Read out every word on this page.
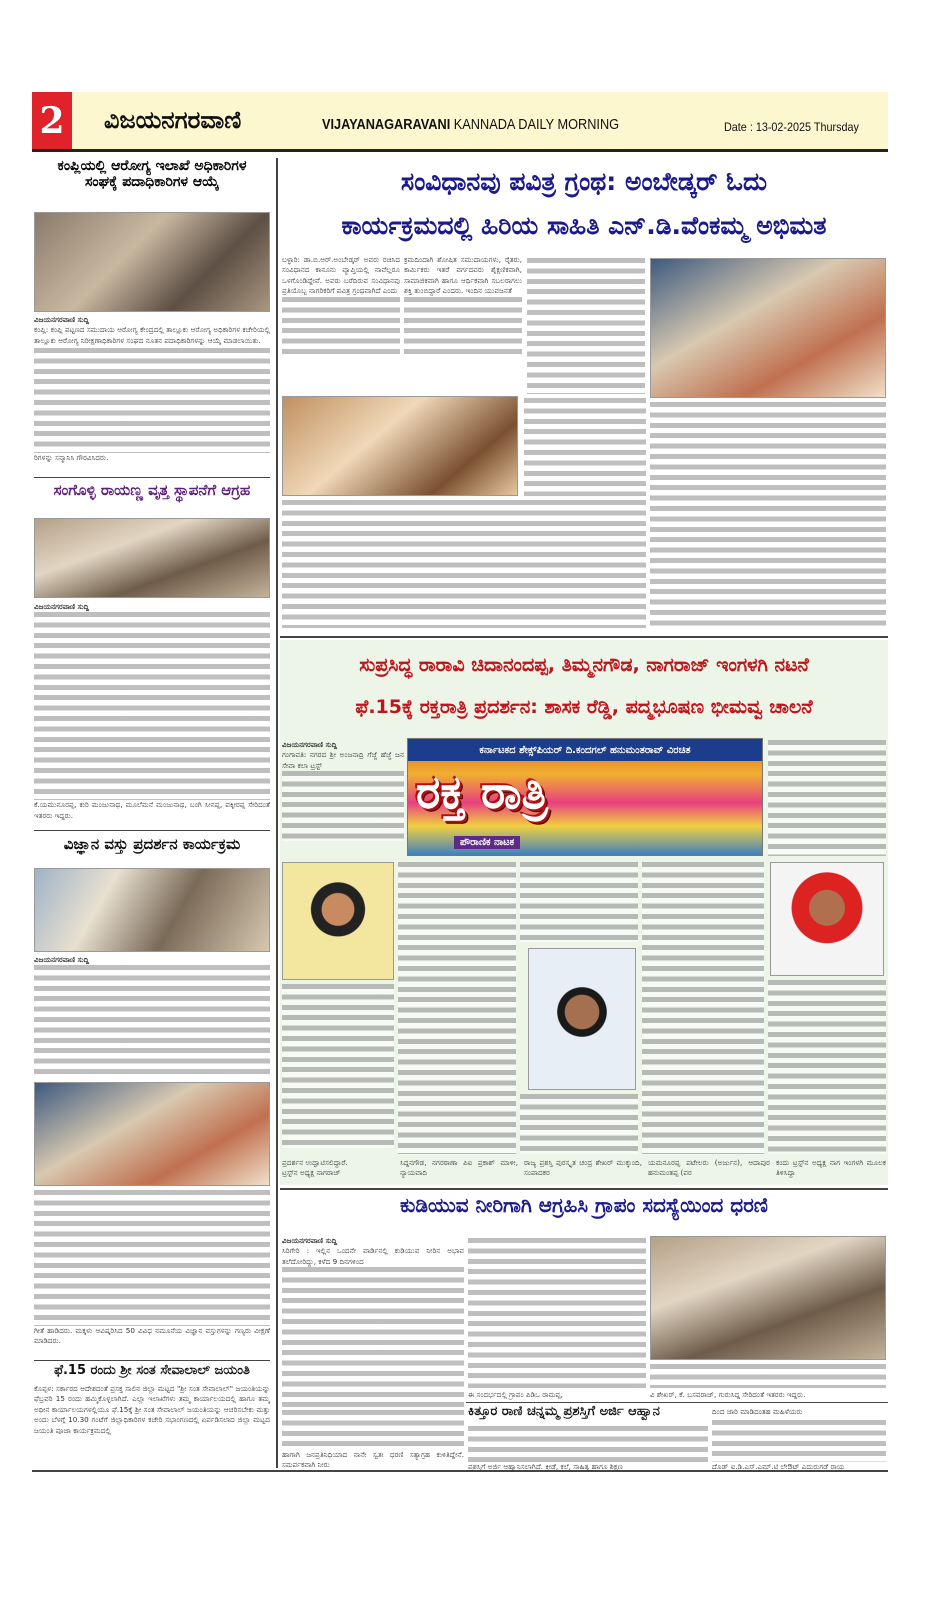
2	ವಿಜಯನಗರವಾಣಿ	VIJAYANAGARAVANI KANNADA DAILY MORNING	Date : 13-02-2025 Thursday
ಕಂಪ್ಲಿಯಲ್ಲಿ ಆರೋಗ್ಯ ಇಲಾಖೆ ಅಧಿಕಾರಿಗಳ
ಸಂಘಕ್ಕೆ ಪದಾಧಿಕಾರಿಗಳ ಆಯ್ಕೆ
ವಿಜಯನಗರವಾಣಿ ಸುದ್ದಿ
ಕಂಪ್ಲಿ: ಕಂಪ್ಲಿ ಪಟ್ಟಣದ ಸಮುದಾಯ ಆರೋಗ್ಯ ಕೇಂದ್ರದಲ್ಲಿ ತಾಲ್ಲೂಕು ಆರೋಗ್ಯ ಅಧಿಕಾರಿಗಳ ಕಚೇರಿಯಲ್ಲಿ ತಾಲ್ಲೂಕು ಆರೋಗ್ಯ ನಿರೀಕ್ಷಣಾಧಿಕಾರಿಗಳ ಸಂಘದ ನೂತನ ಪದಾಧಿಕಾರಿಗಳನ್ನು ಆಯ್ಕೆ ಮಾಡಲಾಯಿತು.
ರಿಗಳನ್ನು ಸನ್ಮಾನಿಸಿ ಗೌರವಿಸಿದರು.
ಸಂಗೊಳ್ಳಿ ರಾಯಣ್ಣ ವೃತ್ತ ಸ್ಥಾಪನೆಗೆ ಆಗ್ರಹ
ವಿಜಯನಗರವಾಣಿ ಸುದ್ದಿ
ಕೆ.ಯಮುನೂರಪ್ಪ, ಕುರಿ ಮಂಜುನಾಥ, ಮೂಲೆಮನೆ ಮಂಜುನಾಥ, ಬಂಗಿ ಸೀನಪ್ಪ, ಪಕ್ಕೀರಪ್ಪ ಸೇರಿದಂತೆ ಇತರರು ಇದ್ದರು.
ವಿಜ್ಞಾನ ವಸ್ತು ಪ್ರದರ್ಶನ ಕಾರ್ಯಕ್ರಮ
ವಿಜಯನಗರವಾಣಿ ಸುದ್ದಿ
ಗೀತೆ ಹಾಡಿದರು. ಮಕ್ಕಳು ಆವಿಷ್ಕರಿಸಿದ 50 ವಿವಿಧ ನಮೂನೆಯ ವಿಜ್ಞಾನ ವಸ್ತುಗಳನ್ನು ಗಣ್ಯರು ವೀಕ್ಷಣೆ ಮಾಡಿದರು.
ಫೆ.15 ರಂದು ಶ್ರೀ ಸಂತ ಸೇವಾಲಾಲ್ ಜಯಂತಿ
ಕೊಪ್ಪಳ: ಸರ್ಕಾರದ ಆದೇಶದಂತೆ ಪ್ರಸಕ್ತ ಸಾಲಿನ ಜಿಲ್ಲಾ ಮಟ್ಟದ "ಶ್ರೀ ಸಂತ ಸೇವಾಲಾಲ್" ಜಯಂತಿಯನ್ನು ಫೆಬ್ರವರಿ 15 ರಂದು ಹಮ್ಮಿಕೊಳ್ಳಲಾಗಿದೆ. ಎಲ್ಲಾ ಇಲಾಖೆಗಳು ತಮ್ಮ ಕಾರ್ಯಾಲಯದಲ್ಲಿ ಹಾಗೂ ತಮ್ಮ ಅಧೀನ ಕಾರ್ಯಾಲಯಗಳಲ್ಲಿಯೂ ಫೆ.15ಕ್ಕೆ ಶ್ರೀ ಸಂತ ಸೇವಾಲಾಲ್ ಜಯಂತಿಯನ್ನು ಆಚರಿಸಬೇಕು ಮತ್ತು ಅಂದು ಬೆಳಗ್ಗೆ 10.30 ಗಂಟೆಗೆ ಜಿಲ್ಲಾಧಿಕಾರಿಗಳ ಕಚೇರಿ ಸಭಾಂಗಣದಲ್ಲಿ ಏರ್ಪಡಿಸಲಾದ ಜಿಲ್ಲಾ ಮಟ್ಟದ ಜಯಂತಿ ಪೂಜಾ ಕಾರ್ಯಕ್ರಮದಲ್ಲಿ
ಸಂವಿಧಾನವು ಪವಿತ್ರ ಗ್ರಂಥ: ಅಂಬೇಡ್ಕರ್ ಓದು
ಕಾರ್ಯಕ್ರಮದಲ್ಲಿ ಹಿರಿಯ ಸಾಹಿತಿ ಎನ್.ಡಿ.ವೆಂಕಮ್ಮ ಅಭಿಮತ
ಬಳ್ಳಾರಿ: ಡಾ.ಬಿ.ಆರ್.ಅಂಬೇಡ್ಕರ್ ಅವರು ರಚಿಸಿದ ಸಂವಿಧಾನದ ಕಾನೂನು ವ್ಯಾಪ್ತಿಯಲ್ಲಿ ನಾವೆಲ್ಲರೂ ಒಳಗೊಂಡಿದ್ದೇವೆ. ಅವರು ಬರೆದಿರುವ ಸಂವಿಧಾನವು ಪ್ರತಿಯೊಬ್ಬ ನಾಗರಿಕರಿಗೆ ಪವಿತ್ರ ಗ್ರಂಥವಾಗಿದೆ ಎಂದು
ಕ್ರಮದಿಂದಾಗಿ ಶೋಷಿತ ಸಮುದಾಯಗಳು, ರೈತರು, ಕಾರ್ಮಿಕರು ಇತರೆ ವರ್ಗದವರು ಶೈಕ್ಷಣಿಕವಾಗಿ, ಸಾಮಾಜಿಕವಾಗಿ ಹಾಗೂ ಆರ್ಥಿಕವಾಗಿ ಸಬಲರಾಗಲು ಶಕ್ತಿ ತುಂಬಿದ್ದಾರೆ ಎಂದರು. ಇಂದಿನ ಯುವಜನತೆ
ಸುಪ್ರಸಿದ್ಧ ರಾರಾವಿ ಚಿದಾನಂದಪ್ಪ, ತಿಮ್ಮನಗೌಡ, ನಾಗರಾಜ್ ಇಂಗಳಗಿ ನಟನೆ
ಫೆ.15ಕ್ಕೆ ರಕ್ತರಾತ್ರಿ ಪ್ರದರ್ಶನ: ಶಾಸಕ ರೆಡ್ಡಿ, ಪದ್ಮಭೂಷಣ ಭೀಮವ್ವ ಚಾಲನೆ
ವಿಜಯನಗರವಾಣಿ ಸುದ್ದಿ
ಗಂಗಾವತಿ: ನಗರದ ಶ್ರೀ ಅಂಜನಾದ್ರಿ ಗೆಜ್ಜೆ ಹೆಜ್ಜೆ ಜನ ಸೇವಾ ಕಲಾ ಟ್ರಸ್ಟ್
ಕರ್ನಾಟಕದ ಶೇಕ್ಸ್‌ಪಿಯರ್ ದಿ.ಕಂದಗಲ್ ಹನುಮಂತರಾವ್ ವಿರಚಿತ
ರಕ್ತ ರಾತ್ರಿ
ಪೌರಾಣಿಕ ನಾಟಕ
ಪ್ರದರ್ಶನ ಉದ್ಘಾಟಿಸಲಿದ್ದಾರೆ.
ಟ್ರಸ್ಟ್‌ನ ಅಧ್ಯಕ್ಷ ನಾಗರಾಜ್
ಸಿದ್ದನಗೌಡ, ನಗರಠಾಣಾ ಪಿಐ ಪ್ರಕಾಶ್ ಮಾಳೀ, ನ್ಯಾಯವಾದಿ
ರಾಜ್ಯ ಪ್ರಶಸ್ತಿ ಪುರಸ್ಕೃತ ಚಂದ್ರ ಶೇಖರ್ ಮುಕ್ಕುಂದಿ, ಸಂಪಾದಕರ
ಯಮನೂರಪ್ಪ ಪಟೇಲರು (ಅರ್ಜುನ), ಆದಾಪುರ ಹನುಮಂತಪ್ಪ (ಪರ
ಕಂದು ಟ್ರಸ್ಟ್‌ನ ಅಧ್ಯಕ್ಷ ನಾಗ ಇಂಗಳಗಿ ಮೂಲಕ ತಿಳಿಸಿದ್ದಾ
ಕುಡಿಯುವ ನೀರಿಗಾಗಿ ಆಗ್ರಹಿಸಿ ಗ್ರಾಪಂ ಸದಸ್ಯೆಯಿಂದ ಧರಣಿ
ವಿಜಯನಗರವಾಣಿ ಸುದ್ದಿ
ಸಿರಿಗೇರಿ : ಇಲ್ಲಿನ ಒಂದನೇ ವಾರ್ಡಿನಲ್ಲಿ ಕುಡಿಯುವ ನೀರಿನ ಅಭಾವ ತಲೆದೋರಿದ್ದು, ಕಳೆದ 9 ದಿನಗಳಿಂದ
ಈ ಸಂದರ್ಭದಲ್ಲಿ ಗ್ರಾಪಂ ಪಿಡಿಒ ರಾಮಪ್ಪ,	ವಿ ಶೇಖರ್, ಕೆ. ಬಸವರಾಜ್, ಗುರುಸಿದ್ದ ಸೇರಿದಂತೆ ಇತರರು ಇದ್ದರು.
ಹಾಗಾಗಿ ಜನಪ್ರತಿನಿಧಿಯಾದ ನಾನೇ ಸ್ವತಃ ಧರಣಿ ಸತ್ಯಾಗ್ರಹ ಕುಳಿತಿದ್ದೇನೆ. ಸಮರ್ಪಕವಾಗಿ ನೀರು
ಕಿತ್ತೂರ ರಾಣಿ ಚನ್ನಮ್ಮ ಪ್ರಶಸ್ತಿಗೆ ಅರ್ಜಿ ಆಹ್ವಾನ	ದಿಂದ ಜಾರಿ ಮಾಡಿದಂತಹ ಮಹಿಳೆಯರು
ಪ್ರಶಸ್ತಿಗೆ ಅರ್ಜಿ ಆಹ್ವಾನಿಸಲಾಗಿದೆ. ಕ್ರೀಡೆ, ಕಲೆ, ಸಾಹಿತ್ಯ ಹಾಗೂ ಶಿಕ್ಷಣ	ದೊಡ್ ಐ.ಡಿ.ಎಸ್.ಎಮ್.ಟಿ ಲೇಔಟ್ ಎದುರುಗಡೆ ರಾಯ
